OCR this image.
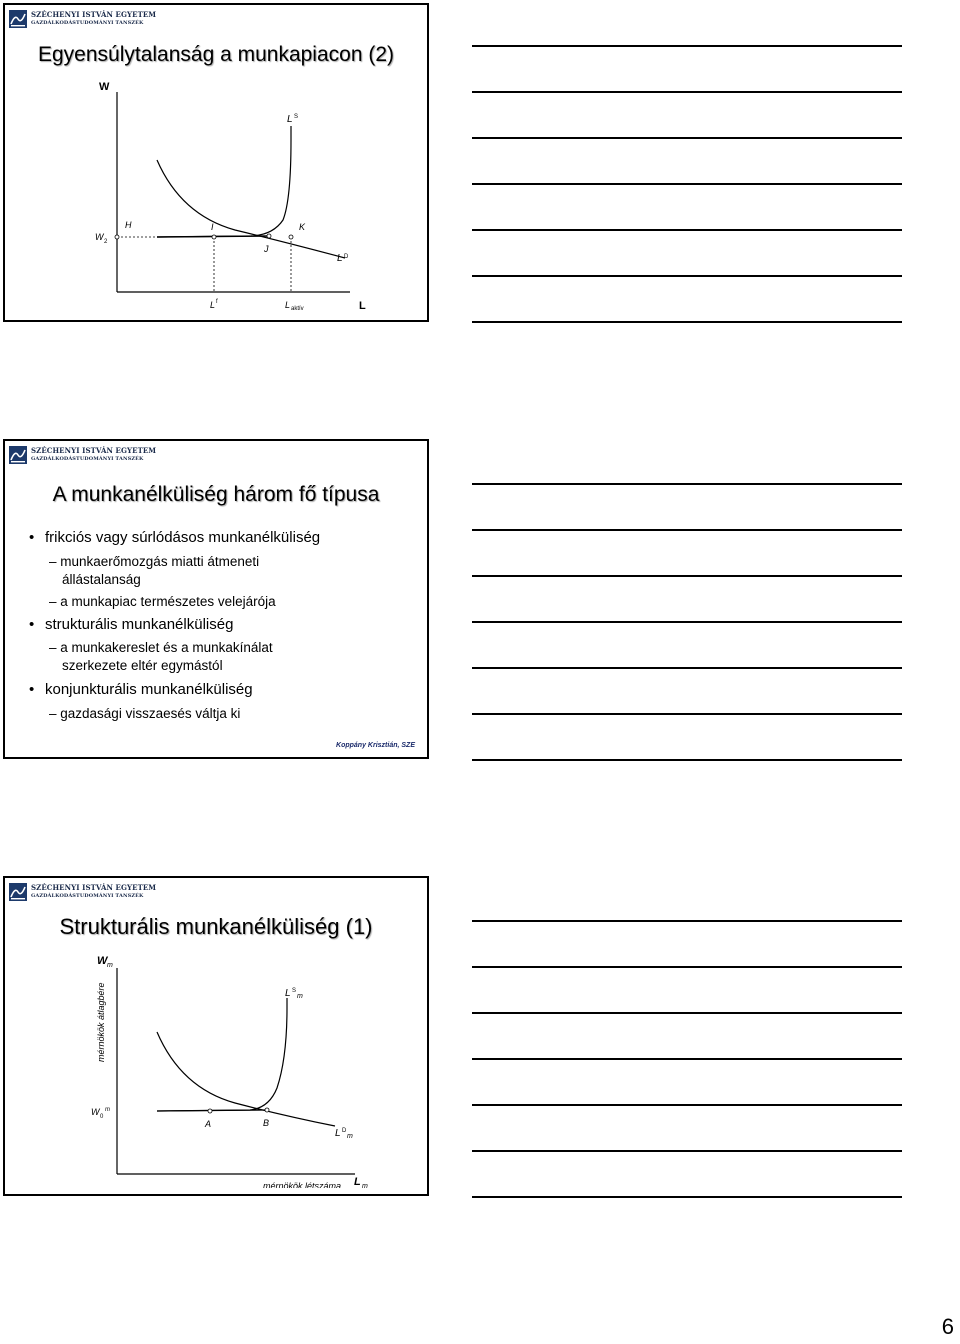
SZÉCHENYI ISTVÁN EGYETEM
GAZDÁLKODÁSTUDOMÁNYI TANSZÉK
Egyensúlytalanság a munkapiacon (2)
W
L S
W 2
H	I	K
J
L D
L f	L aktív	L
SZÉCHENYI ISTVÁN EGYETEM
GAZDÁLKODÁSTUDOMÁNYI TANSZÉK
A munkanélküliség három fő típusa
• frikciós vagy súrlódásos munkanélküliség
– munkaerőmozgás miatti átmeneti
állástalanság
– a munkapiac természetes velejárója
• strukturális munkanélküliség
– a munkakereslet és a munkakínálat
szerkezete eltér egymástól
• konjunkturális munkanélküliség
– gazdasági visszaesés váltja ki
Koppány Krisztián, SZE
SZÉCHENYI ISTVÁN EGYETEM
GAZDÁLKODÁSTUDOMÁNYI TANSZÉK
Strukturális munkanélküliség (1)
W m
mérnökök átlagbére	L S
m
W 0
m
A	B
L D
m
mérnökök létszáma L m
6
